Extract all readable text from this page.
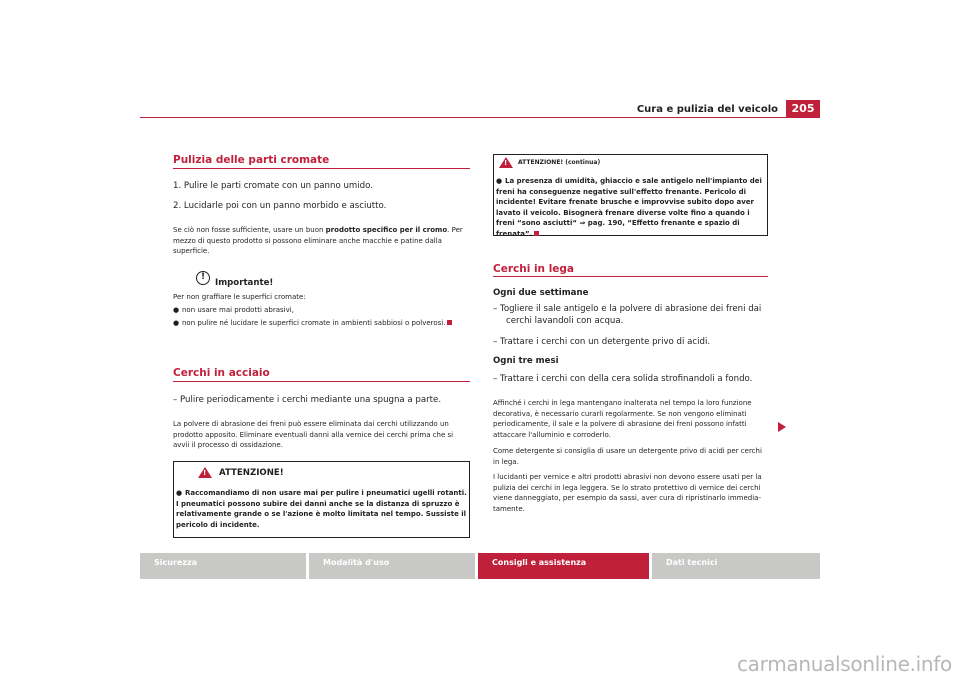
Cura e pulizia del veicolo	205
Pulizia delle parti cromate
1. Pulire le parti cromate con un panno umido.
2. Lucidarle poi con un panno morbido e asciutto.
Se ciò non fosse sufficiente, usare un buon prodotto specifico per il cromo. Per mezzo di questo prodotto si possono eliminare anche macchie e patine dalla superficie.
!
Importante!
Per non graffiare le superfici cromate:
● non usare mai prodotti abrasivi,
● non pulire né lucidare le superfici cromate in ambienti sabbiosi o polverosi.
Cerchi in acciaio
– Pulire periodicamente i cerchi mediante una spugna a parte.
La polvere di abrasione dei freni può essere eliminata dai cerchi utilizzando un prodotto apposito. Eliminare eventuali danni alla vernice dei cerchi prima che si avvii il processo di ossidazione.
! ATTENZIONE!
● Raccomandiamo di non usare mai per pulire i pneumatici ugelli rotanti. I pneumatici possono subire dei danni anche se la distanza di spruzzo è relativamente grande o se l'azione è molto limitata nel tempo. Sussiste il pericolo di incidente.
! ATTENZIONE! (continua)
● La presenza di umidità, ghiaccio e sale antigelo nell'impianto dei freni ha conseguenze negative sull'effetto frenante. Pericolo di incidente! Evitare frenate brusche e improvvise subito dopo aver lavato il veicolo. Bisognerà frenare diverse volte fino a quando i freni “sono asciutti“ ⇒ pag. 190, “Effetto frenante e spazio di frenata”.
Cerchi in lega
Ogni due settimane
– Togliere il sale antigelo e la polvere di abrasione dei freni dai cerchi lavandoli con acqua.
– Trattare i cerchi con un detergente privo di acidi.
Ogni tre mesi
– Trattare i cerchi con della cera solida strofinandoli a fondo.
Affinché i cerchi in lega mantengano inalterata nel tempo la loro funzione decorativa, è necessario curarli regolarmente. Se non vengono eliminati periodicamente, il sale e la polvere di abrasione dei freni possono infatti attaccare l'alluminio e corroderlo.
Come detergente si consiglia di usare un detergente privo di acidi per cerchi in lega.
I lucidanti per vernice e altri prodotti abrasivi non devono essere usati per la pulizia dei cerchi in lega leggera. Se lo strato protettivo di vernice dei cerchi viene danneggiato, per esempio da sassi, aver cura di ripristinarlo immedia-tamente.
Sicurezza	Modalità d'uso	Consigli e assistenza	Dati tecnici
carmanualsonline.info
